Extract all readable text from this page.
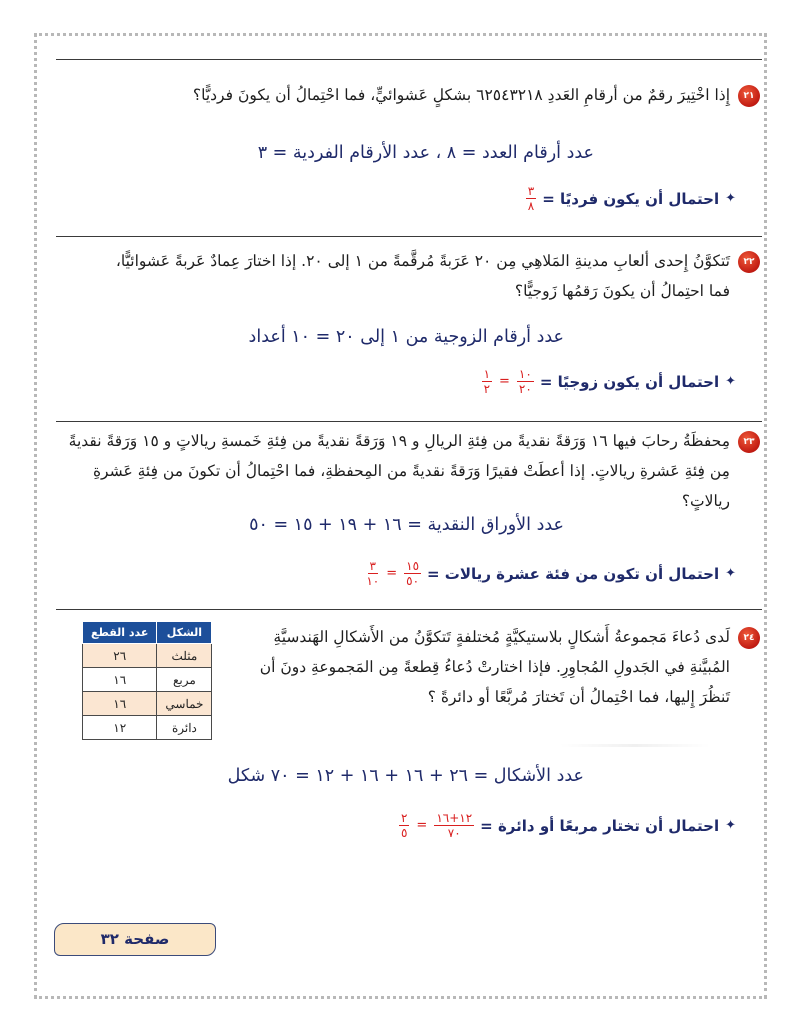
٢١إِذا اخْتِيرَ رقمٌ من أرقامِ العَددِ ٦٢٥٤٣٢١٨ بشكلٍ عَشوائيٍّ، فما احْتِمالُ أن يكونَ فرديًّا؟
عدد أرقام العدد = ٨ ، عدد الأرقام الفردية = ٣
✦
احتمال أن يكون فرديًا =
$\frac{٣}{٨}$
٢٢تَتكوَّنُ إِحدى ألعابِ مدينةِ المَلاهِي مِن ٢٠ عَرَبةً مُرقَّمةً من ١ إلى ٢٠. إذا اختارَ عِمادٌ عَربةً عَشوائيًّا،
فما احتِمالُ أن يكونَ رَقمُها زَوجيًّا؟
عدد أرقام الزوجية من ١ إلى ٢٠ = ١٠ أعداد
✦
احتمال أن يكون زوجيًا =
$\frac{١٠}{٢٠}$
=
$\frac{١}{٢}$
٢٣مِحفظَةُ رحابَ فيها ١٦ وَرَقةً نقديةً من فِئةِ الريالِ و ١٩ وَرَقةً نقديةً من فِئةِ خَمسةِ ريالاتٍ و ١٥ وَرَقةً نقديةً
مِن فِئةِ عَشرةِ ريالاتٍ. إذا أعطَتْ فقيرًا وَرَقةً نقديةً من المِحفظةِ، فما احْتِمالُ أن تكونَ من فِئةِ عَشرةِ ريالاتٍ؟
عدد الأوراق النقدية = ١٦ + ١٩ + ١٥ = ٥٠
✦
احتمال أن تكون من فئة عشرة ريالات =
$\frac{١٥}{٥٠}$
=
$\frac{٣}{١٠}$
٢٤لَدى دُعاءَ مَجموعةُ أَشكالٍ بلاستيكيَّةٍ مُختلفةٍ تَتكوَّنُ من الأَشكالِ الهَندسيَّةِ
المُبيَّنةِ في الجَدولِ المُجاوِرِ. فإذا اختارتْ دُعاءُ قِطعةً مِن المَجموعةِ دونَ أن
تَنظُرَ إِليها، فما احْتِمالُ أن تَختارَ مُربَّعًا أو دائرةً ؟
الشكل	عدد القطع
مثلث	٢٦
مربع	١٦
خماسي	١٦
دائرة	١٢
عدد الأشكال = ٢٦ + ١٦ + ١٦ + ١٢ = ٧٠ شكل
✦
احتمال أن تختار مربعًا أو دائرة =
$\frac{١٢+١٦}{٧٠}$
=
$\frac{٢}{٥}$
صفحة ٣٢
